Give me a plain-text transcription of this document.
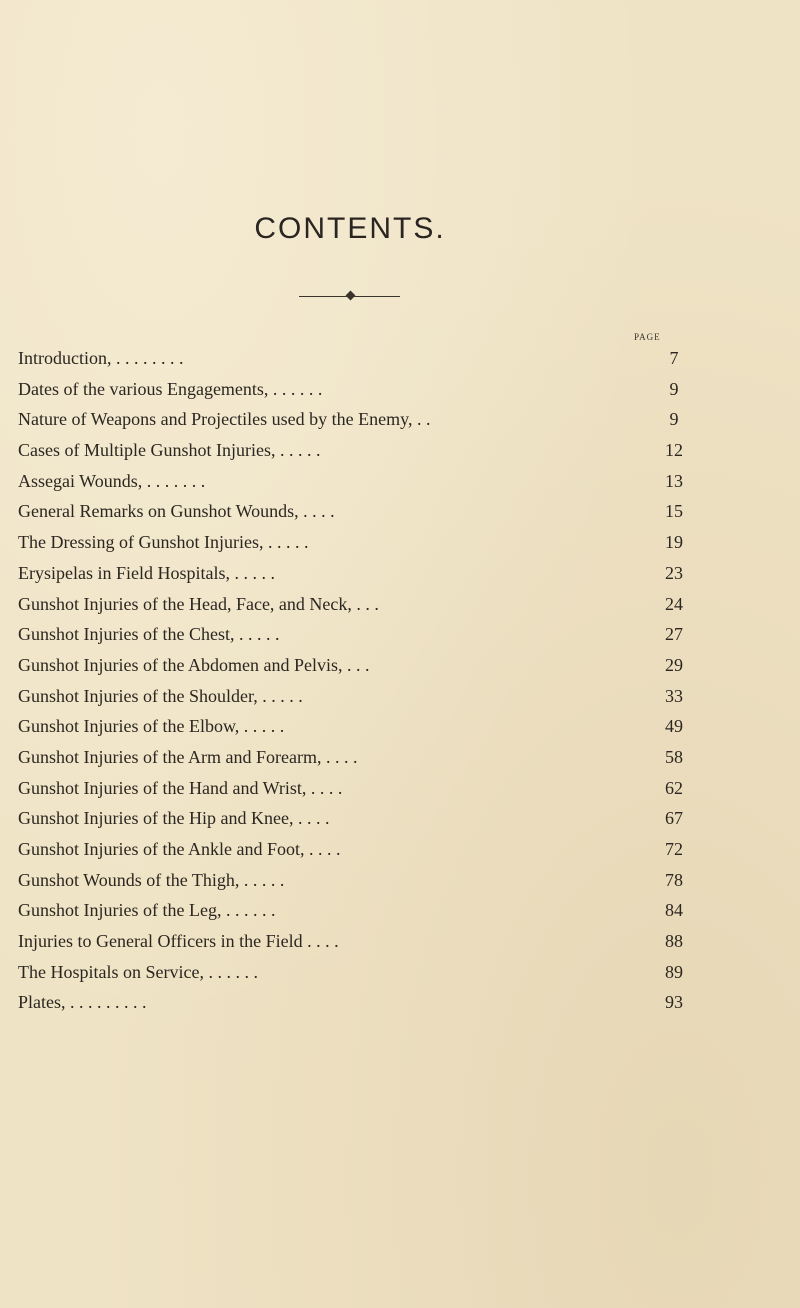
CONTENTS.
PAGE
Introduction, . . . . . . . .	7
Dates of the various Engagements, . . . . . .	9
Nature of Weapons and Projectiles used by the Enemy, . .	9
Cases of Multiple Gunshot Injuries, . . . . .	12
Assegai Wounds, . . . . . . .	13
General Remarks on Gunshot Wounds, . . . .	15
The Dressing of Gunshot Injuries, . . . . .	19
Erysipelas in Field Hospitals, . . . . .	23
Gunshot Injuries of the Head, Face, and Neck, . . .	24
Gunshot Injuries of the Chest, . . . . .	27
Gunshot Injuries of the Abdomen and Pelvis, . . .	29
Gunshot Injuries of the Shoulder, . . . . .	33
Gunshot Injuries of the Elbow, . . . . .	49
Gunshot Injuries of the Arm and Forearm, . . . .	58
Gunshot Injuries of the Hand and Wrist, . . . .	62
Gunshot Injuries of the Hip and Knee, . . . .	67
Gunshot Injuries of the Ankle and Foot, . . . .	72
Gunshot Wounds of the Thigh, . . . . .	78
Gunshot Injuries of the Leg, . . . . . .	84
Injuries to General Officers in the Field . . . .	88
The Hospitals on Service, . . . . . .	89
Plates, . . . . . . . . .	93
